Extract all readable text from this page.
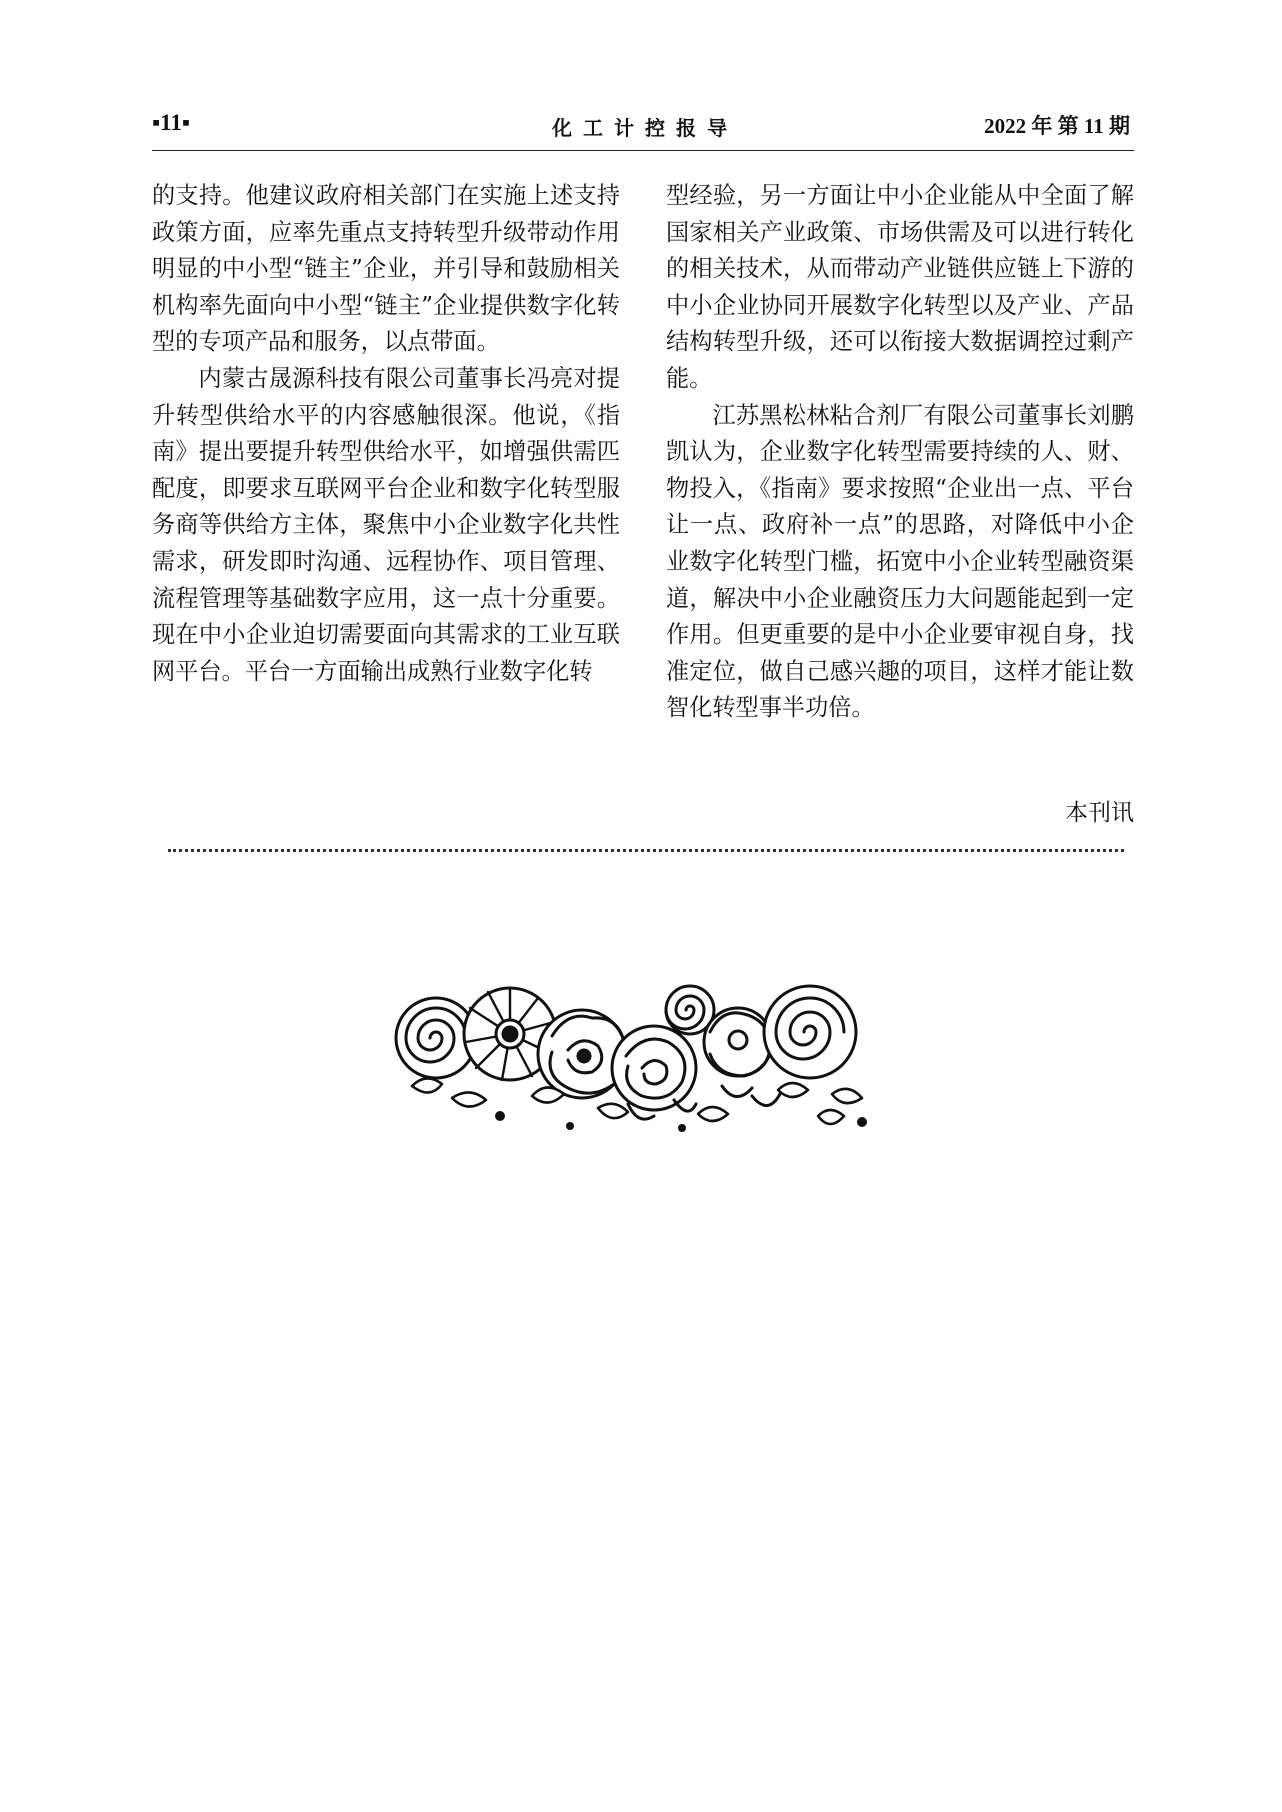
▪11▪	化工计控报导	2022 年 第 11 期

的支持。他建议政府相关部门在实施上述支持政策方面，应率先重点支持转型升级带动作用明显的中小型“链主”企业，并引导和鼓励相关机构率先面向中小型“链主”企业提供数字化转型的专项产品和服务，以点带面。

内蒙古晟源科技有限公司董事长冯亮对提升转型供给水平的内容感触很深。他说，《指南》提出要提升转型供给水平，如增强供需匹配度，即要求互联网平台企业和数字化转型服务商等供给方主体，聚焦中小企业数字化共性需求，研发即时沟通、远程协作、项目管理、流程管理等基础数字应用，这一点十分重要。现在中小企业迫切需要面向其需求的工业互联网平台。平台一方面输出成熟行业数字化转

型经验，另一方面让中小企业能从中全面了解国家相关产业政策、市场供需及可以进行转化的相关技术，从而带动产业链供应链上下游的中小企业协同开展数字化转型以及产业、产品结构转型升级，还可以衔接大数据调控过剩产能。

江苏黑松林粘合剂厂有限公司董事长刘鹏凯认为，企业数字化转型需要持续的人、财、物投入，《指南》要求按照“企业出一点、平台让一点、政府补一点”的思路，对降低中小企业数字化转型门槛，拓宽中小企业转型融资渠道，解决中小企业融资压力大问题能起到一定作用。但更重要的是中小企业要审视自身，找准定位，做自己感兴趣的项目，这样才能让数智化转型事半功倍。

本刊讯
